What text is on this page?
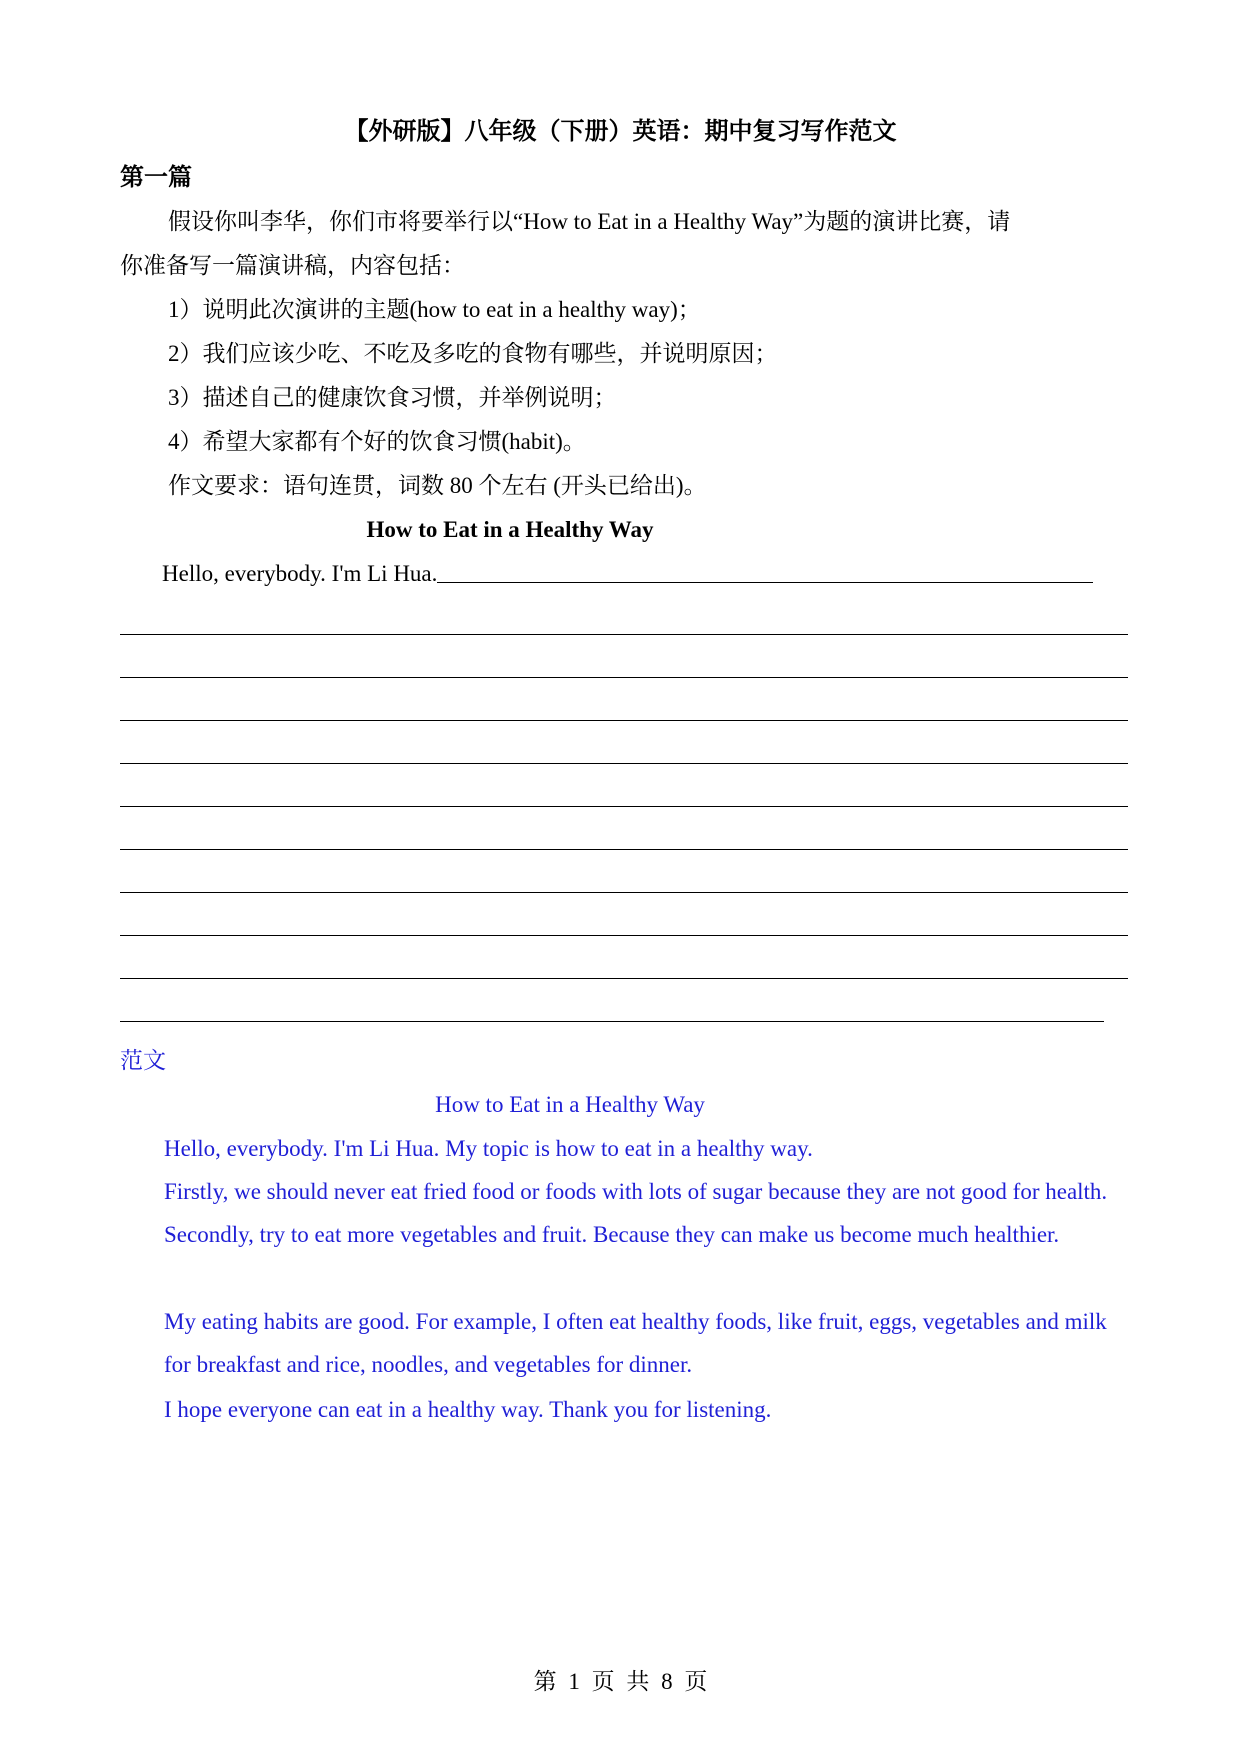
【外研版】八年级（下册）英语：期中复习写作范文
第一篇
假设你叫李华，你们市将要举行以“How to Eat in a Healthy Way”为题的演讲比赛，请
你准备写一篇演讲稿，内容包括：
1）说明此次演讲的主题(how to eat in a healthy way)；
2）我们应该少吃、不吃及多吃的食物有哪些，并说明原因；
3）描述自己的健康饮食习惯，并举例说明；
4）希望大家都有个好的饮食习惯(habit)。
作文要求：语句连贯，词数 80 个左右 (开头已给出)。
How to Eat in a Healthy Way
Hello, everybody. I'm Li Hua.
范文
How to Eat in a Healthy Way
Hello, everybody. I'm Li Hua. My topic is how to eat in a healthy way.
Firstly, we should never eat fried food or foods with lots of sugar because they are not good for health. Secondly, try to eat more vegetables and fruit. Because they can make us become much healthier.
My eating habits are good. For example, I often eat healthy foods, like fruit, eggs, vegetables and milk for breakfast and rice, noodles, and vegetables for dinner.
I hope everyone can eat in a healthy way. Thank you for listening.
第 1 页 共 8 页
